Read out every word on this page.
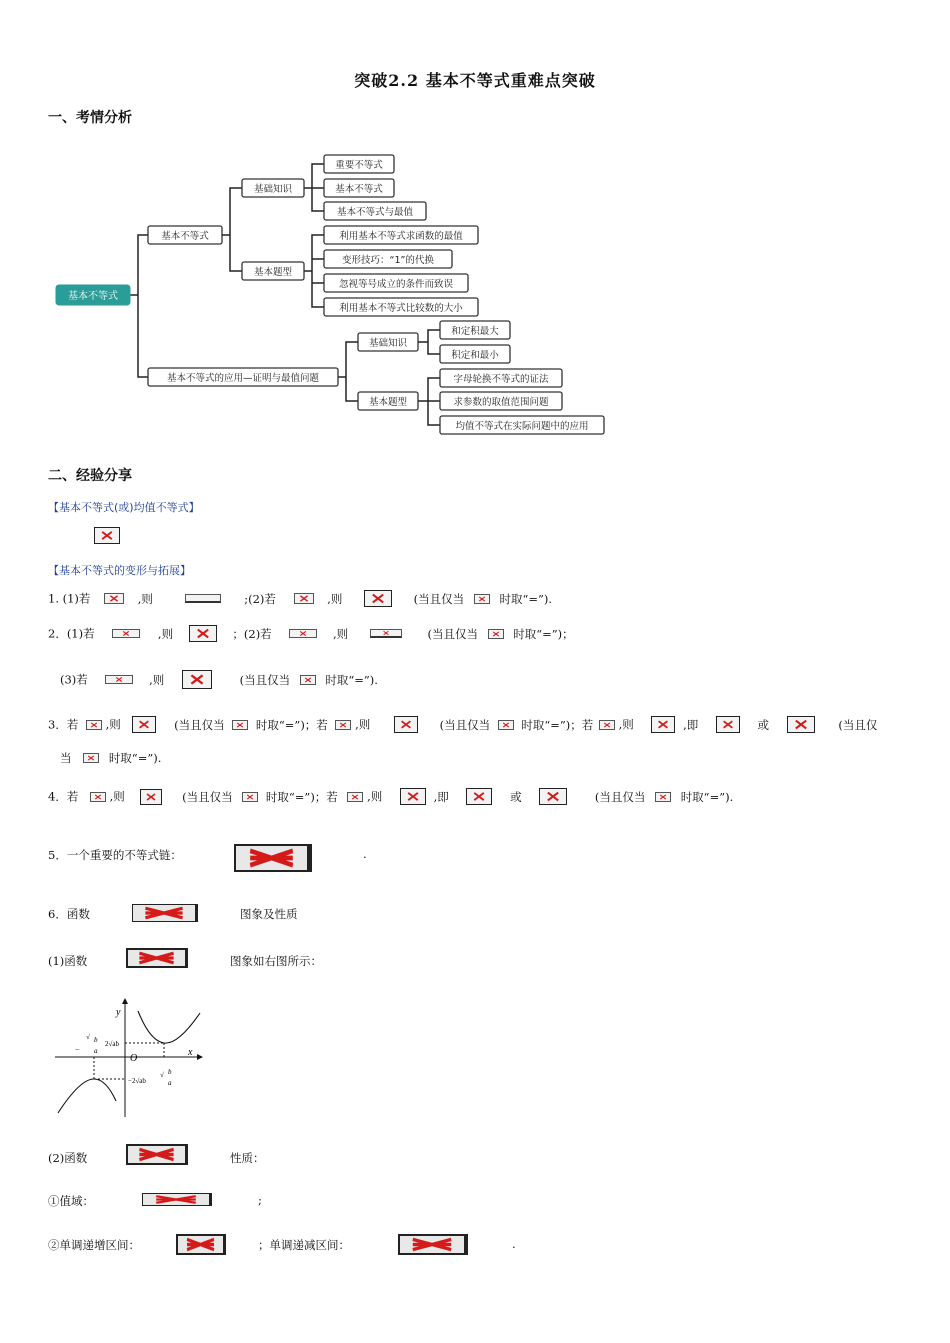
突破2.2 基本不等式重难点突破
一、考情分析
基本不等式
基本不等式
基础知识
重要不等式
基本不等式
基本不等式与最值
基本题型
利用基本不等式求函数的最值
变形技巧：“1”的代换
忽视等号成立的条件而致误
利用基本不等式比较数的大小
基本不等式的应用—证明与最值问题
基础知识
和定积最大
积定和最小
基本题型
字母轮换不等式的证法
求参数的取值范围问题
均值不等式在实际问题中的应用
二、经验分享
【基本不等式(或)均值不等式】
【基本不等式的变形与拓展】
1. (1)若	,则	;(2)若	,则	(当且仅当	时取“=”).
2．(1)若	,则	；(2)若	,则	(当且仅当	时取“=”)；
(3)若	,则	(当且仅当	时取“=”).
3．若 ,则	(当且仅当	时取“=”)；若 ,则	(当且仅当	时取“=”)；若 ,则	,即	或	(当且仅
当	时取“=”).
4．若	,则	(当且仅当	时取“=”)；若	,则	,即	或	(当且仅当	时取“=”).
5．一个重要的不等式链：	.
6．函数	图象及性质
(1)函数	图象如右图所示：
y
x
O
−
√ b
a
2√ab
−2√ab
√ b
a
(2)函数	性质：
①值域：	;
②单调递增区间：	；单调递减区间：	.
